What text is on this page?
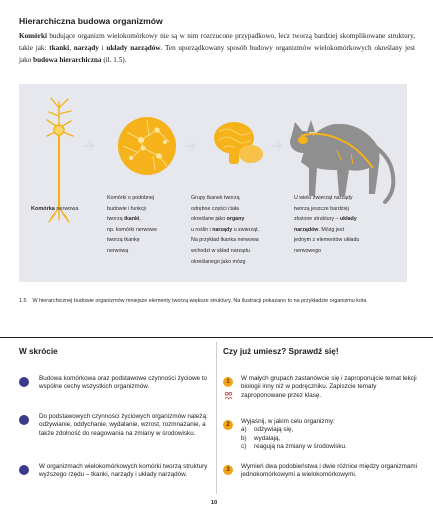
Hierarchiczna budowa organizmów

Komórki budujące organizm wielokomórkowy nie są w nim rozrzucone przypadkowo, lecz tworzą bardziej skomplikowane struktury, takie jak: tkanki, narządy i układy narządów. Ten uporządkowany sposób budowy organizmów wielokomórkowych określany jest jako budowa hierarchiczna (il. 1.5).

Komórka nerwowa
Komórki o podobnej
budowie i funkcji
tworzą tkanki,
np. komórki nerwowe
tworzą tkankę
nerwową
Grupy tkanek tworzą
odrębne części ciała
określane jako organy
u roślin i narządy u zwierząt.
Na przykład tkanka nerwowa
wchodzi w skład narządu
określanego jako mózg
U wielu zwierząt narządy
tworzą jeszcze bardziej
złożone struktury – układy
narządów. Mózg jest
jednym z elementów układu
nerwowego
1.5 W hierarchicznej budowie organizmów mniejsze elementy tworzą większe struktury. Na ilustracji pokazano to na przykładzie organizmu kota
W skrócie
Budowa komórkowa oraz podstawowe czynności życiowe to wspólne cechy wszystkich organizmów.
Do podstawowych czynności życiowych organizmów należą: odżywianie, oddychanie, wydalanie, wzrost, rozmnażanie, a także zdolność do reagowania na zmiany w środowisku.
W organizmach wielokomórkowych komórki tworzą struktury wyższego rzędu – tkanki, narządy i układy narządów.
Czy już umiesz? Sprawdź się!
1	W małych grupach zastanówcie się i zaproponujcie temat lekcji biologii inny niż w podręczniku. Zapiszcie tematy zaproponowane przez klasę.
2	Wyjaśnij, w jakim celu organizmy:
a)	odżywiają się,
b)	wydalają,
c)	reagują na zmiany w środowisku.
3	Wymień dwa podobieństwa i dwie różnice między organizmami jednokomórkowymi a wielokomórkowymi.
10
